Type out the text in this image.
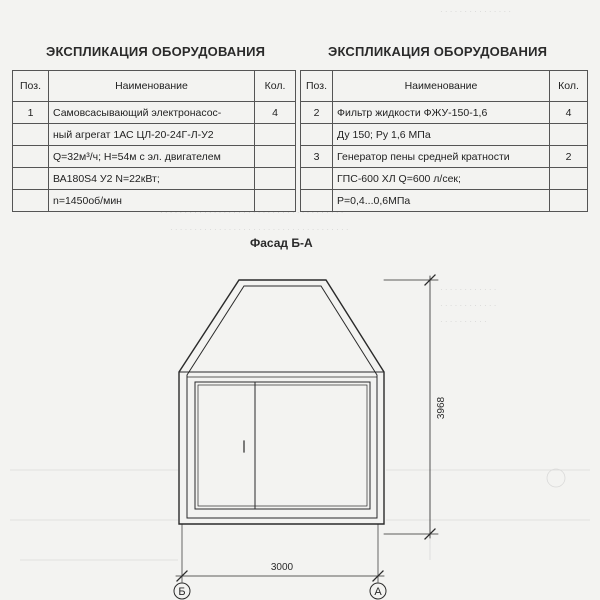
· · · · · · · · · · · · · · ·
· · · · · · · · · · · · · · · · · · · · · · · · · · · · · · · · · · · · · ·
· · · · · · · · · · · · · · · · · · · · · · · · · · · · · · · · · · · · ·
· · · · · · · · · · · ·
· · · · · · · · · · · ·
· · · · · · · · · ·
ЭКСПЛИКАЦИЯ ОБОРУДОВАНИЯ
Поз.	Наименование	Кол.
1	Самовсасывающий электронасос-	4
	ный агрегат 1АС ЦЛ-20-24Г-Л-У2	
	Q=32м³/ч; Н=54м с эл. двигателем	
	ВА180S4 У2 N=22кВт;	
	n=1450об/мин	
ЭКСПЛИКАЦИЯ ОБОРУДОВАНИЯ
Поз.	Наименование	Кол.
2	Фильтр жидкости ФЖУ-150-1,6	4
	Ду 150; Ру 1,6 МПа	
3	Генератор пены средней кратности	2
	ГПС-600 ХЛ Q=600 л/сек;	
	Р=0,4...0,6МПа	
Фасад Б-А
3968
3000
Б	А
